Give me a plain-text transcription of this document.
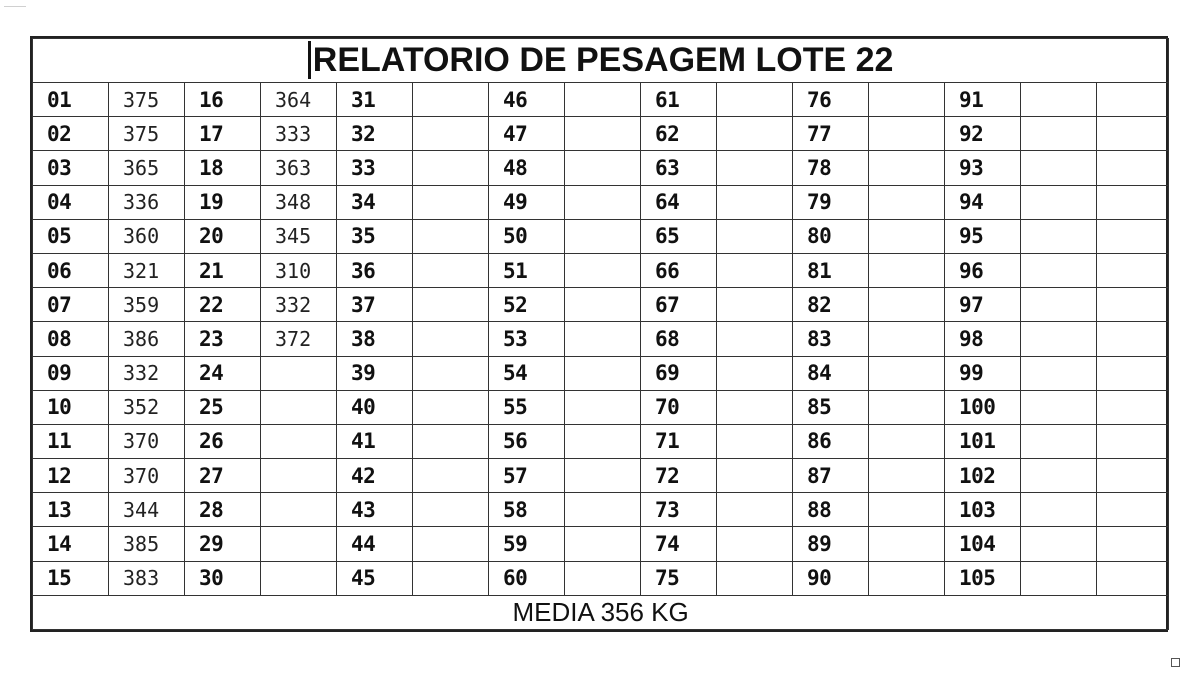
RELATORIO DE PESAGEM LOTE 22														
01	375	16	364	31		46		61		76		91		
02	375	17	333	32		47		62		77		92		
03	365	18	363	33		48		63		78		93		
04	336	19	348	34		49		64		79		94		
05	360	20	345	35		50		65		80		95		
06	321	21	310	36		51		66		81		96		
07	359	22	332	37		52		67		82		97		
08	386	23	372	38		53		68		83		98		
09	332	24		39		54		69		84		99		
10	352	25		40		55		70		85		100		
11	370	26		41		56		71		86		101		
12	370	27		42		57		72		87		102		
13	344	28		43		58		73		88		103		
14	385	29		44		59		74		89		104		
15	383	30		45		60		75		90		105		
MEDIA 356 KG														
